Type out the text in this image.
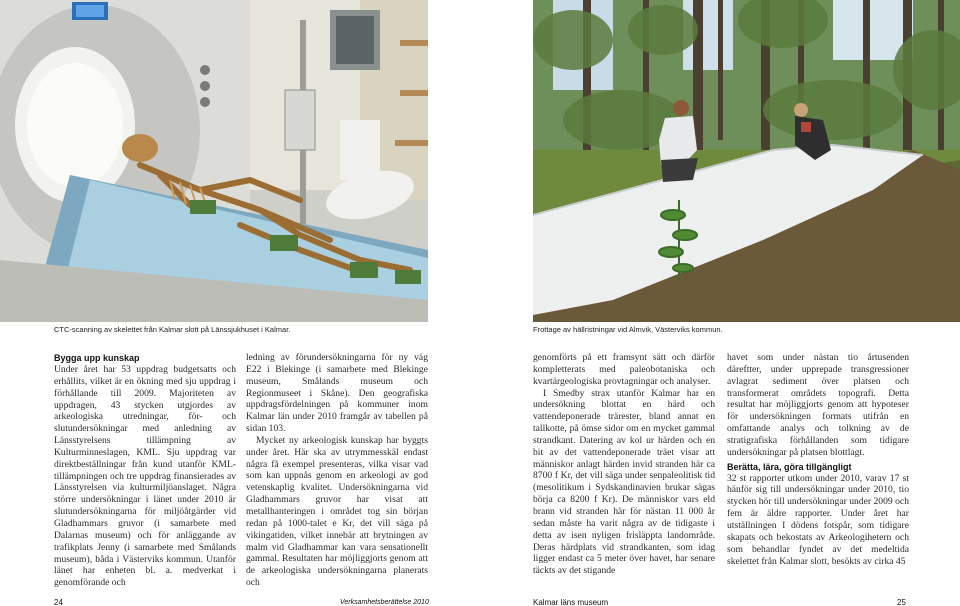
CTC-scanning av skelettet från Kalmar slott på Länssjukhuset i Kalmar.	Frottage av hällristningar vid Almvik, Västerviks kommun.
Bygga upp kunskap

Under året har 53 uppdrag budgetsatts och erhållits, vilket är en ökning med sju uppdrag i förhållande till 2009. Majoriteten av uppdragen, 43 stycken utgjordes av arkeologiska utredningar, för- och slutundersökningar med anledning av Länsstyrelsens tillämpning av Kulturminneslagen, KML. Sju uppdrag var direktbeställningar från kund utanför KML-tillämpningen och tre uppdrag finansierades av Länsstyrelsen via kulturmiljöanslaget. Några större undersökningar i länet under 2010 är slutundersökningarna för miljöåtgärder vid Gladhammars gruvor (i samarbete med Dalarnas museum) och för anläggande av trafikplats Jenny (i samarbete med Smålands museum), båda i Västerviks kommun. Utanför länet har enheten bl. a. medverkat i genomförande och

ledning av förundersökningarna för ny väg E22 i Blekinge (i samarbete med Blekinge museum, Smålands museum och Regionmuseet i Skåne). Den geografiska uppdragsfördelningen på kommuner inom Kalmar län under 2010 framgår av tabellen på sidan 103.

Mycket ny arkeologisk kunskap har byggts under året. Här ska av utrymmesskäl endast några få exempel presenteras, vilka visar vad som kan uppnås genom en arkeologi av god vetenskaplig kvalitet. Undersökningarna vid Gladhammars gruvor har visat att metallhanteringen i området tog sin början redan på 1000-talet e Kr, det vill säga på vikingatiden, vilket innebär att brytningen av malm vid Gladhammar kan vara sensationellt gammal. Resultaten har möjliggjorts genom att de arkeologiska undersökningarna planerats och

genomförts på ett framsynt sätt och därför kompletterats med paleobotaniska och kvartärgeologiska provtagningar och analyser.

I Smedby strax utanför Kalmar har en undersökning blottat en härd och vattendeponerade trärester, bland annat en tallkotte, på ömse sidor om en mycket gammal strandkant. Datering av kol ur härden och en bit av det vattendeponerade träet visar att människor anlagt härden invid stranden här ca 8700 f Kr, det vill säga under senpaleolitisk tid (mesolitikum i Sydskandinavien brukar sägas börja ca 8200 f Kr). De människor vars eld brann vid stranden här för nästan 11 000 år sedan måste ha varit några av de tidigaste i detta av isen nyligen frisläppta landområde. Deras härdplats vid strandkanten, som idag ligger endast ca 5 meter över havet, har senare täckts av det stigande

havet som under nästan tio årtusenden däreftter, under upprepade transgressioner avlagrat sediment över platsen och transformerat områdets topografi. Detta resultat har möjliggjorts genom att hypoteser för undersökningen formats utifrån en omfattande analys och tolkning av de stratigrafiska förhållanden som tidigare undersökningar på platsen blottlagt.

Berätta, lära, göra tillgängligt

32 st rapporter utkom under 2010, varav 17 st hänför sig till undersökningar under 2010, tio stycken hör till undersökningar under 2009 och fem är äldre rapporter. Under året har utställningen I dödens fotspår, som tidigare skapats och bekostats av Arkeologihetern och som behandlar fyndet av det medeltida skelettet från Kalmar slott, besökts av cirka 45

24	Verksamhetsberättelse 2010	Kalmar läns museum	25
